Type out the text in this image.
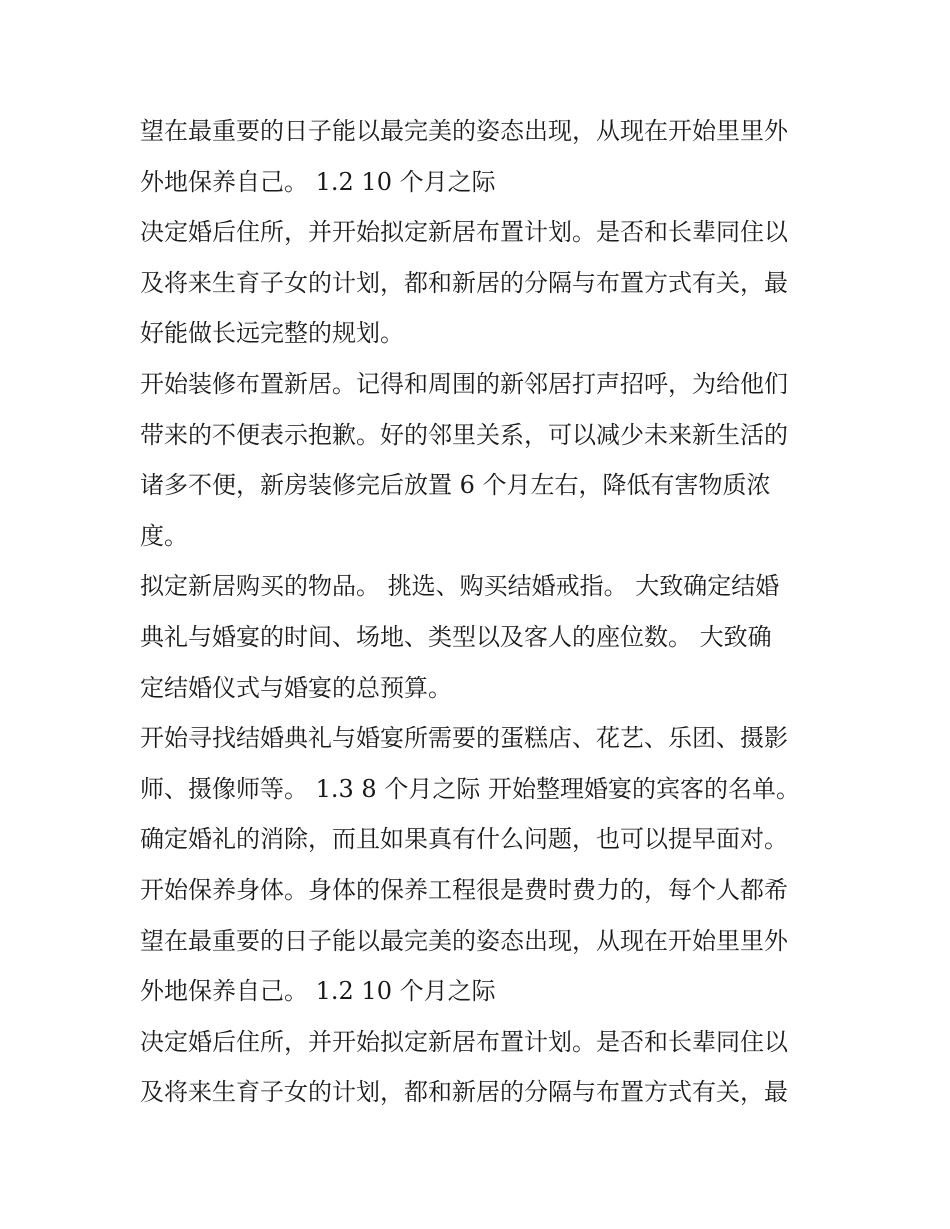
望在最重要的日子能以最完美的姿态出现，从现在开始里里外
外地保养自己。 1.2 10 个月之际
决定婚后住所，并开始拟定新居布置计划。是否和长辈同住以
及将来生育子女的计划，都和新居的分隔与布置方式有关，最
好能做长远完整的规划。
开始装修布置新居。记得和周围的新邻居打声招呼，为给他们
带来的不便表示抱歉。好的邻里关系，可以减少未来新生活的
诸多不便，新房装修完后放置 6 个月左右，降低有害物质浓
度。
拟定新居购买的物品。 挑选、购买结婚戒指。 大致确定结婚
典礼与婚宴的时间、场地、类型以及客人的座位数。 大致确
定结婚仪式与婚宴的总预算。
开始寻找结婚典礼与婚宴所需要的蛋糕店、花艺、乐团、摄影
师、摄像师等。 1.3 8 个月之际 开始整理婚宴的宾客的名单。
确定婚礼的消除，而且如果真有什么问题，也可以提早面对。
开始保养身体。身体的保养工程很是费时费力的，每个人都希
望在最重要的日子能以最完美的姿态出现，从现在开始里里外
外地保养自己。 1.2 10 个月之际
决定婚后住所，并开始拟定新居布置计划。是否和长辈同住以
及将来生育子女的计划，都和新居的分隔与布置方式有关，最
